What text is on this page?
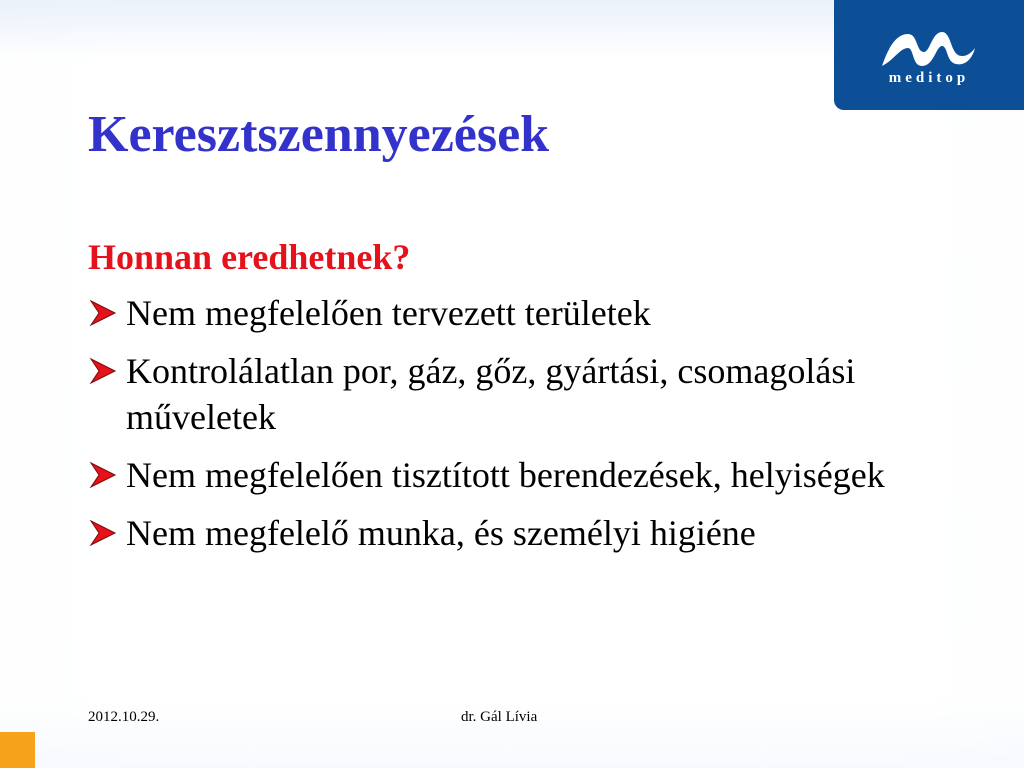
meditop
Keresztszennyezések
Honnan eredhetnek?
Nem megfelelően tervezett területek
Kontrolálatlan por, gáz, gőz, gyártási, csomagolási műveletek
Nem megfelelően tisztított berendezések, helyiségek
Nem megfelelő munka, és személyi higiéne
2012.10.29.	dr. Gál Lívia
